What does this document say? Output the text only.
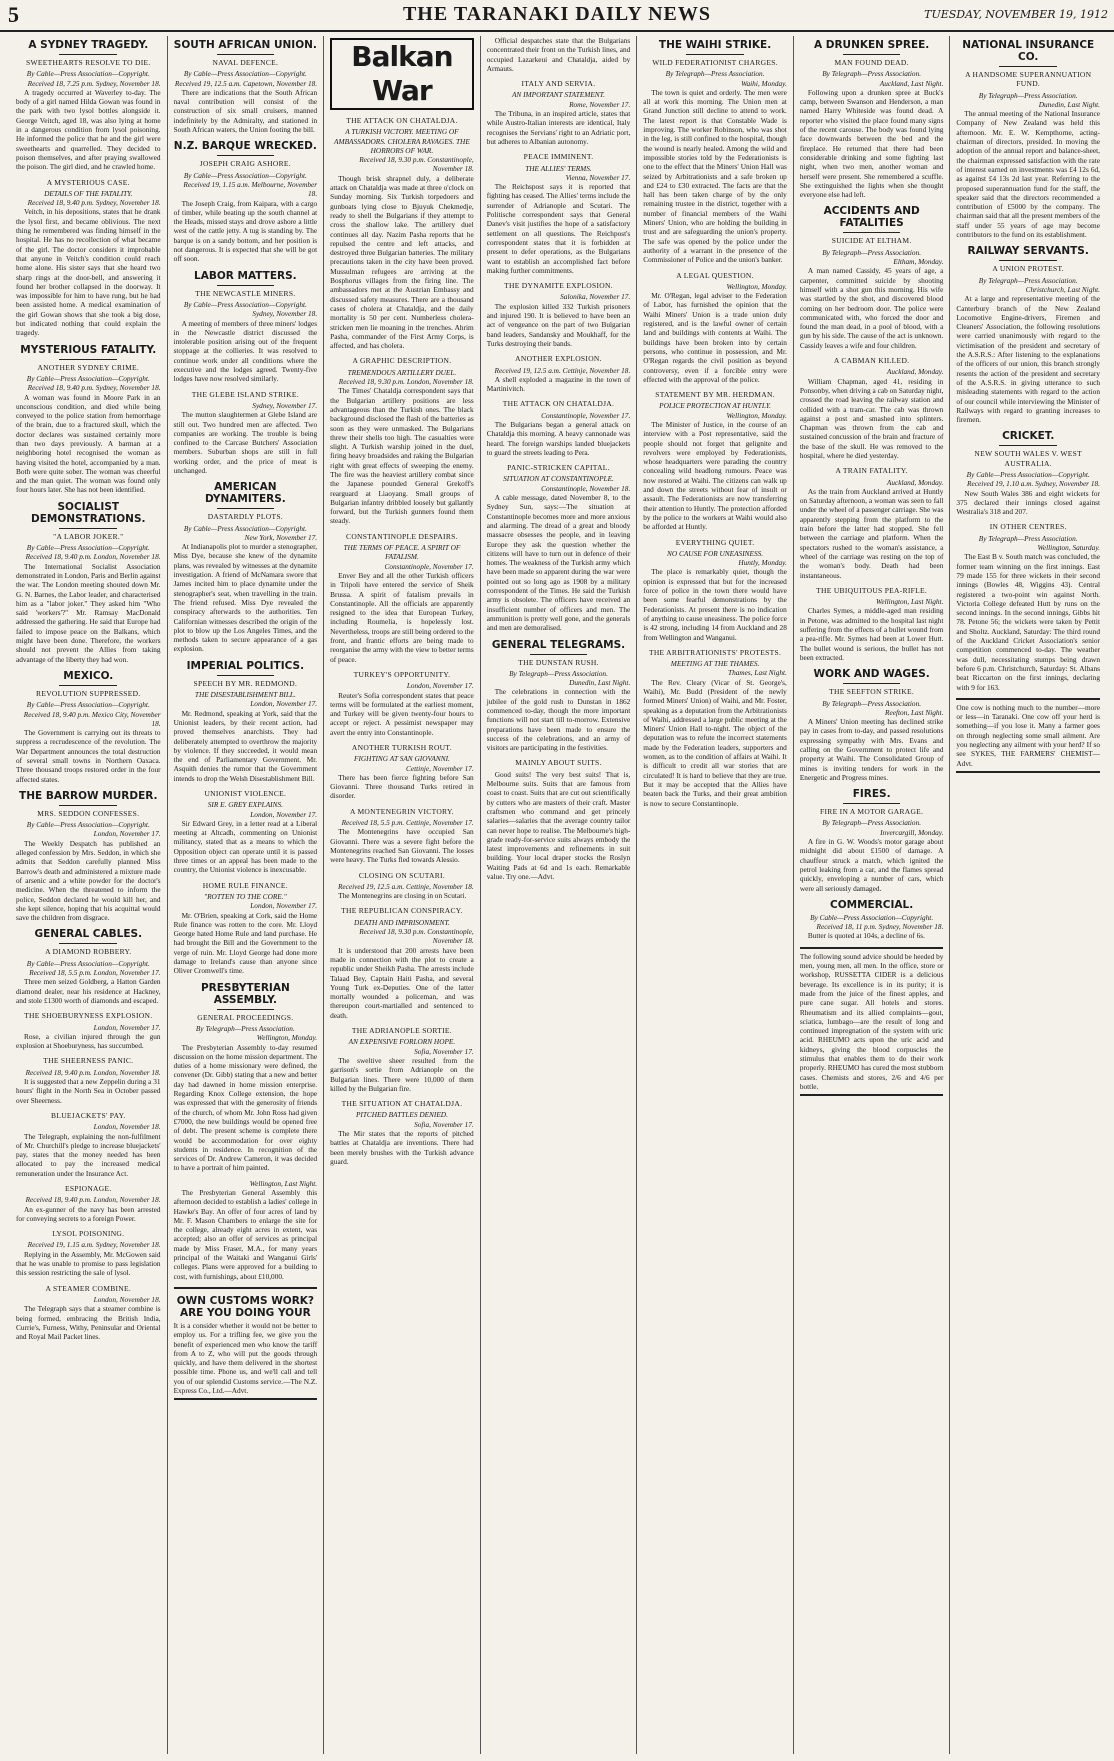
5	THE TARANAKI DAILY NEWS	TUESDAY, NOVEMBER 19, 1912
A SYDNEY TRAGEDY.
SWEETHEARTS RESOLVE TO DIE.
By Cable—Press Association—Copyright.
Received 18, 7.25 p.m. Sydney, November 18.
A tragedy occurred at Waverley to-day. The body of a girl named Hilda Gowan was found in the park with two lysol bottles alongside it. George Veitch, aged 18, was also lying at home in a dangerous condition from lysol poisoning. He informed the police that he and the girl were sweethearts and quarrelled. They decided to poison themselves, and after praying swallowed the poison. The girl died, and he crawled home.
A MYSTERIOUS CASE.
DETAILS OF THE FATALITY.
Received 18, 9.40 p.m. Sydney, November 18.
Veitch, in his depositions, states that he drank the lysol first, and became oblivious. The next thing he remembered was finding himself in the hospital. He has no recollection of what became of the girl. The doctor considers it improbable that anyone in Veitch's condition could reach home alone. His sister says that she heard two sharp rings at the door-bell, and answering it found her brother collapsed in the doorway. It was impossible for him to have rung, but he had been assisted home. A medical examination of the girl Gowan shows that she took a big dose, but indicated nothing that could explain the tragedy.
MYSTERIOUS FATALITY.
ANOTHER SYDNEY CRIME.
By Cable—Press Association—Copyright.
Received 18, 9.40 p.m. Sydney, November 18.
A woman was found in Moore Park in an unconscious condition, and died while being conveyed to the police station from hemorrhage of the brain, due to a fractured skull, which the doctor declares was sustained certainly more than two days previously. A barman at a neighboring hotel recognised the woman as having visited the hotel, accompanied by a man. Both were quite sober. The woman was cheerful and the man quiet. The woman was found only four hours later. She has not been identified.
SOCIALIST DEMONSTRATIONS.
"A LABOR JOKER."
By Cable—Press Association—Copyright.
Received 18, 9.40 p.m. London, November 18.
The International Socialist Association demonstrated in London, Paris and Berlin against the war. The London meeting shouted down Mr. G. N. Barnes, the Labor leader, and characterised him as a "labor joker." They asked him "Who said 'workers'?" Mr. Ramsay MacDonald addressed the gathering. He said that Europe had failed to impose peace on the Balkans, which might have been done. Therefore, the workers should not prevent the Allies from taking advantage of the liberty they had won.
MEXICO.
REVOLUTION SUPPRESSED.
By Cable—Press Association—Copyright.
Received 18, 9.40 p.m. Mexico City, November 18.
The Government is carrying out its threats to suppress a recrudescence of the revolution. The War Department announces the total destruction of several small towns in Northern Oaxaca. Three thousand troops restored order in the four affected states.
THE BARROW MURDER.
MRS. SEDDON CONFESSES.
By Cable—Press Association—Copyright.
London, November 17.
The Weekly Despatch has published an alleged confession by Mrs. Seddon, in which she admits that Seddon carefully planned Miss Barrow's death and administered a mixture made of arsenic and a white powder for the doctor's medicine. When the threatened to inform the police, Seddon declared he would kill her, and she kept silence, hoping that his acquittal would save the children from disgrace.
GENERAL CABLES.
A DIAMOND ROBBERY.
By Cable—Press Association—Copyright.
Received 18, 5.5 p.m. London, November 17.
Three men seized Goldberg, a Hatton Garden diamond dealer, near his residence at Hackney, and stole £1300 worth of diamonds and escaped.
THE SHOEBURYNESS EXPLOSION.
London, November 17.
Rose, a civilian injured through the gun explosion at Shoeburyness, has succumbed.
THE SHEERNESS PANIC.
Received 18, 9.40 p.m. London, November 18.
It is suggested that a new Zeppelin during a 31 hours' flight in the North Sea in October passed over Sheerness.
BLUEJACKETS' PAY.
London, November 18.
The Telegraph, explaining the non-fulfilment of Mr. Churchill's pledge to increase bluejackets' pay, states that the money needed has been allocated to pay the increased medical remuneration under the Insurance Act.
ESPIONAGE.
Received 18, 9.40 p.m. London, November 18.
An ex-gunner of the navy has been arrested for conveying secrets to a foreign Power.
LYSOL POISONING.
Received 19, 1.15 a.m. Sydney, November 18.
Replying in the Assembly, Mr. McGowen said that he was unable to promise to pass legislation this session restricting the sale of lysol.
A STEAMER COMBINE.
London, November 18.
The Telegraph says that a steamer combine is being formed, embracing the British India, Currie's, Furness, Withy, Peninsular and Oriental and Royal Mail Packet lines.
SOUTH AFRICAN UNION.
NAVAL DEFENCE.
By Cable—Press Association—Copyright.
Received 19, 12.5 a.m. Capetown, November 18.
There are indications that the South African naval contribution will consist of the construction of six small cruisers, manned indefinitely by the Admiralty, and stationed in South African waters, the Union footing the bill.
N.Z. BARQUE WRECKED.
JOSEPH CRAIG ASHORE.
By Cable—Press Association—Copyright.
Received 19, 1.15 a.m. Melbourne, November 18.
The Joseph Craig, from Kaipara, with a cargo of timber, while beating up the south channel at the Heads, missed stays and drove ashore a little west of the cattle jetty. A tug is standing by. The barque is on a sandy bottom, and her position is not dangerous. It is expected that she will be got off soon.
LABOR MATTERS.
THE NEWCASTLE MINERS.
By Cable—Press Association—Copyright.
Sydney, November 18.
A meeting of members of three miners' lodges in the Newcastle district discussed the intolerable position arising out of the frequent stoppage at the collieries. It was resolved to continue work under all conditions where the executive and the lodges agreed. Twenty-five lodges have now resolved similarly.
THE GLEBE ISLAND STRIKE.
Sydney, November 17.
The mutton slaughtermen at Glebe Island are still out. Two hundred men are affected. Two companies are working. The trouble is being confined to the Carcase Butchers' Association members. Suburban shops are still in full working order, and the price of meat is unchanged.
AMERICAN DYNAMITERS.
DASTARDLY PLOTS.
By Cable—Press Association—Copyright.
New York, November 17.
At Indianapolis plot to murder a stenographer, Miss Dye, because she knew of the dynamite plans, was revealed by witnesses at the dynamite investigation. A friend of McNamara swore that James incited him to place dynamite under the stenographer's seat, when travelling in the train. The friend refused. Miss Dye revealed the conspiracy afterwards to the authorities. Ten Californian witnesses described the origin of the plot to blow up the Los Angeles Times, and the methods taken to secure appearance of a gas explosion.
IMPERIAL POLITICS.
SPEECH BY MR. REDMOND.
THE DISESTABLISHMENT BILL.
London, November 17.
Mr. Redmond, speaking at York, said that the Unionist leaders, by their recent action, had proved themselves anarchists. They had deliberately attempted to overthrow the majority by violence. If they succeeded, it would mean the end of Parliamentary Government. Mr. Asquith denies the rumor that the Government intends to drop the Welsh Disestablishment Bill.
UNIONIST VIOLENCE.
SIR E. GREY EXPLAINS.
London, November 17.
Sir Edward Grey, in a letter read at a Liberal meeting at Altcadh, commenting on Unionist militancy, stated that as a means to which the Opposition object can operate until it is passed three times or an appeal has been made to the country, the Unionist violence is inexcusable.
HOME RULE FINANCE.
"ROTTEN TO THE CORE."
London, November 17.
Mr. O'Brien, speaking at Cork, said the Home Rule finance was rotten to the core. Mr. Lloyd George hated Home Rule and land purchase. He had brought the Bill and the Government to the verge of ruin. Mr. Lloyd George had done more damage to Ireland's cause than anyone since Oliver Cromwell's time.
PRESBYTERIAN ASSEMBLY.
GENERAL PROCEEDINGS.
By Telegraph—Press Association.
Wellington, Monday.
The Presbyterian Assembly to-day resumed discussion on the home mission department. The duties of a home missionary were defined, the convener (Dr. Gibb) stating that a new and better day had dawned in home mission enterprise. Regarding Knox College extension, the hope was expressed that with the generosity of friends of the church, of whom Mr. John Ross had given £7000, the new buildings would be opened free of debt. The present scheme is complete there would be accommodation for over eighty students in residence. In recognition of the services of Dr. Andrew Cameron, it was decided to have a portrait of him painted.
Wellington, Last Night.
The Presbyterian General Assembly this afternoon decided to establish a ladies' college in Hawke's Bay. An offer of four acres of land by Mr. F. Mason Chambers to enlarge the site for the college, already eight acres in extent, was accepted; also an offer of services as principal made by Miss Fraser, M.A., for many years principal of the Waitaki and Wanganui Girls' colleges. Plans were approved for a building to cost, with furnishings, about £10,000.
OWN CUSTOMS WORK? ARE YOU DOING YOUR
It is a consider whether it would not be better to employ us. For a trifling fee, we give you the benefit of experienced men who know the tariff from A to Z, who will put the goods through quickly, and have them delivered in the shortest possible time. Phone us, and we'll call and tell you of our splendid Customs service.—The N.Z. Express Co., Ltd.—Advt.
Balkan War
THE ATTACK ON CHATALDJA.
A TURKISH VICTORY. MEETING OF AMBASSADORS. CHOLERA RAVAGES. THE HORRORS OF WAR.
Received 18, 9.30 p.m. Constantinople, November 18.
Though brisk shrapnel duly, a deliberate attack on Chataldja was made at three o'clock on Sunday morning. Six Turkish torpedoers and gunboats lying close to Bjuyuk Chekmedje, ready to shell the Bulgarians if they attempt to cross the shallow lake. The artillery duel continues all day. Nazim Pasha reports that he repulsed the centre and left attacks, and destroyed three Bulgarian batteries. The military precautions taken in the city have been proved. Mussulman refugees are arriving at the Bosphorus villages from the firing line. The ambassadors met at the Austrian Embassy and discussed safety measures. There are a thousand cases of cholera at Chataldja, and the daily mortality is 50 per cent. Numberless cholera-stricken men lie moaning in the trenches. Ahrim Pasha, commander of the First Army Corps, is affected, and has cholera.
A GRAPHIC DESCRIPTION.
TREMENDOUS ARTILLERY DUEL.
Received 18, 9.30 p.m. London, November 18.
The Times' Chataldja correspondent says that the Bulgarian artillery positions are less advantageous than the Turkish ones. The black background disclosed the flash of the batteries as soon as they were unmasked. The Bulgarians threw their shells too high. The casualties were slight. A Turkish warship joined in the duel, firing heavy broadsides and raking the Bulgarian right with great effects of sweeping the enemy. The fire was the heaviest artillery combat since the Japanese pounded General Grekoff's rearguard at Liaoyang. Small groups of Bulgarian infantry dribbled loosely but gallantly forward, but the Turkish gunners found them steady.
CONSTANTINOPLE DESPAIRS.
THE TERMS OF PEACE. A SPIRIT OF FATALISM.
Constantinople, November 17.
Enver Bey and all the other Turkish officers in Tripoli have entered the service of Sheik Brussa. A spirit of fatalism prevails in Constantinople. All the officials are apparently resigned to the idea that European Turkey, including Roumelia, is hopelessly lost. Nevertheless, troops are still being ordered to the front, and frantic efforts are being made to reorganise the army with the view to better terms of peace.
TURKEY'S OPPORTUNITY.
London, November 17.
Reuter's Sofia correspondent states that peace terms will be formulated at the earliest moment, and Turkey will be given twenty-four hours to accept or reject. A pessimist newspaper may avert the entry into Constantinople.
ANOTHER TURKISH ROUT.
FIGHTING AT SAN GIOVANNI.
Cettinje, November 17.
There has been fierce fighting before San Giovanni. Three thousand Turks retired in disorder.
A MONTENEGRIN VICTORY.
Received 18, 5.5 p.m. Cettinje, November 17.
The Montenegrins have occupied San Giovanni. There was a severe fight before the Montenegrins reached San Giovanni. The losses were heavy. The Turks fled towards Alessio.
CLOSING ON SCUTARI.
Received 19, 12.5 a.m. Cettinje, November 18.
The Montenegrins are closing in on Scutari.
THE REPUBLICAN CONSPIRACY.
DEATH AND IMPRISONMENT.
Received 18, 9.30 p.m. Constantinople, November 18.
It is understood that 200 arrests have been made in connection with the plot to create a republic under Sheikh Pasha. The arrests include Talaad Bey, Captain Haiti Pasha, and several Young Turk ex-Deputies. One of the latter mortally wounded a policeman, and was thereupon court-martialled and sentenced to death.
THE ADRIANOPLE SORTIE.
AN EXPENSIVE FORLORN HOPE.
Sofia, November 17.
The sweltive sheer resulted from the garrison's sortie from Adrianople on the Bulgarian lines. There were 10,000 of them killed by the Bulgarian fire.
THE SITUATION AT CHATALDJA.
PITCHED BATTLES DENIED.
Sofia, November 17.
The Mir states that the reports of pitched battles at Chataldja are inventions. There had been merely brushes with the Turkish advance guard.
Official despatches state that the Bulgarians concentrated their front on the Turkish lines, and occupied Lazarkeui and Chataldja, aided by Armauts.
ITALY AND SERVIA.
AN IMPORTANT STATEMENT.
Rome, November 17.
The Tribuna, in an inspired article, states that while Austro-Italian interests are identical, Italy recognises the Servians' right to an Adriatic port, but adheres to Albanian autonomy.
PEACE IMMINENT.
THE ALLIES' TERMS.
Vienna, November 17.
The Reichspost says it is reported that fighting has ceased. The Allies' terms include the surrender of Adrianople and Scutari. The Politische correspondent says that General Danev's visit justifies the hope of a satisfactory settlement on all questions. The Reichpost's correspondent states that it is forbidden at present to defer operations, as the Bulgarians want to establish an accomplished fact before making further commitments.
THE DYNAMITE EXPLOSION.
Salonika, November 17.
The explosion killed 332 Turkish prisoners and injured 190. It is believed to have been an act of vengeance on the part of two Bulgarian band leaders, Sandansky and Moukhaff, for the Turks destroying their bands.
ANOTHER EXPLOSION.
Received 19, 12.5 a.m. Cettinje, November 18.
A shell exploded a magazine in the town of Martinivitch.
THE ATTACK ON CHATALDJA.
Constantinople, November 17.
The Bulgarians began a general attack on Chataldja this morning. A heavy cannonade was heard. The foreign warships landed bluejackets to guard the streets leading to Pera.
PANIC-STRICKEN CAPITAL.
SITUATION AT CONSTANTINOPLE.
Constantinople, November 18.
A cable message, dated November 8, to the Sydney Sun, says:—The situation at Constantinople becomes more and more anxious and alarming. The dread of a great and bloody massacre obsesses the people, and in leaving Europe they ask the question whether the citizens will have to turn out in defence of their homes. The weakness of the Turkish army which have been made so apparent during the war were pointed out so long ago as 1908 by a military correspondent of the Times. He said the Turkish army is obsolete. The officers have received an insufficient number of officers and men. The ammunition is pretty well gone, and the generals and men are demoralised.
GENERAL TELEGRAMS.
THE DUNSTAN RUSH.
By Telegraph—Press Association.
Dunedin, Last Night.
The celebrations in connection with the jubilee of the gold rush to Dunstan in 1862 commenced to-day, though the more important functions will not start till to-morrow. Extensive preparations have been made to ensure the success of the celebrations, and an army of visitors are participating in the festivities.
MAINLY ABOUT SUITS.
Good suits! The very best suits! That is, Melbourne suits. Suits that are famous from coast to coast. Suits that are cut out scientifically by cutters who are masters of their craft. Master craftsmen who command and get princely salaries—salaries that the average country tailor can never hope to realise. The Melbourne's high-grade ready-for-service suits always embody the latest improvements and refinements in suit building. Your local draper stocks the Roslyn Waiting Pads at 6d and 1s each. Remarkable value. Try one.—Advt.
THE WAIHI STRIKE.
WILD FEDERATIONIST CHARGES.
By Telegraph—Press Association.
Waihi, Monday.
The town is quiet and orderly. The men were all at work this morning. The Union men at Grand Junction still decline to attend to work. The latest report is that Constable Wade is improving. The worker Robinson, who was shot in the leg, is still confined to the hospital, though the wound is nearly healed. Among the wild and impossible stories told by the Federationists is one to the effect that the Miners' Union Hall was seized by Arbitrationists and a safe broken up and £24 to £30 extracted. The facts are that the hall has been taken charge of by the only remaining trustee in the district, together with a number of financial members of the Waihi Miners' Union, who are holding the building in trust and are safeguarding the union's property. The safe was opened by the police under the authority of a warrant in the presence of the Commissioner of Police and the union's banker.
A LEGAL QUESTION.
Wellington, Monday.
Mr. O'Regan, legal adviser to the Federation of Labor, has furnished the opinion that the Waihi Miners' Union is a trade union duly registered, and is the lawful owner of certain land and buildings with contents at Waihi. The buildings have been broken into by certain persons, who continue in possession, and Mr. O'Regan regards the civil position as beyond controversy, even if a forcible entry were effected with the approval of the police.
STATEMENT BY MR. HERDMAN.
POLICE PROTECTION AT HUNTLY.
Wellington, Monday.
The Minister of Justice, in the course of an interview with a Post representative, said the people should not forget that gelignite and revolvers were employed by Federationists, whose headquarters were parading the country concealing wild headlong rumours. Peace was now restored at Waihi. The citizens can walk up and down the streets without fear of insult or assault. The Federationists are now transferring their attention to Huntly. The protection afforded by the police to the workers at Waihi would also be afforded at Huntly.
EVERYTHING QUIET.
NO CAUSE FOR UNEASINESS.
Huntly, Monday.
The place is remarkably quiet, though the opinion is expressed that but for the increased force of police in the town there would have been some fearful demonstrations by the Federationists. At present there is no indication of anything to cause uneasiness. The police force is 42 strong, including 14 from Auckland and 28 from Wellington and Wanganui.
THE ARBITRATIONISTS' PROTESTS.
MEETING AT THE THAMES.
Thames, Last Night.
The Rev. Cleary (Vicar of St. George's, Waihi), Mr. Budd (President of the newly formed Miners' Union) of Waihi, and Mr. Foster, speaking as a deputation from the Arbitrationists of Waihi, addressed a large public meeting at the Miners' Union Hall to-night. The object of the deputation was to refute the incorrect statements made by the Federation leaders, supporters and women, as to the condition of affairs at Waihi. It is difficult to credit all war stories that are circulated! It is hard to believe that they are true. But it may be accepted that the Allies have beaten back the Turks, and their great ambition is now to secure Constantinople.
A DRUNKEN SPREE.
MAN FOUND DEAD.
By Telegraph—Press Association.
Auckland, Last Night.
Following upon a drunken spree at Buck's camp, between Swanson and Henderson, a man named Harry Whiteside was found dead. A reporter who visited the place found many signs of the recent carouse. The body was found lying face downwards between the bed and the fireplace. He returned that there had been considerable drinking and some fighting last night, when two men, another woman and herself were present. She remembered a scuffle. She extinguished the lights when she thought everyone else had left.
ACCIDENTS AND FATALITIES
SUICIDE AT ELTHAM.
By Telegraph—Press Association.
Eltham, Monday.
A man named Cassidy, 45 years of age, a carpenter, committed suicide by shooting himself with a shot gun this morning. His wife was startled by the shot, and discovered blood coming on her bedroom door. The police were communicated with, who forced the door and found the man dead, in a pool of blood, with a gun by his side. The cause of the act is unknown. Cassidy leaves a wife and four children.
A CABMAN KILLED.
Auckland, Monday.
William Chapman, aged 41, residing in Ponsonby, when driving a cab on Saturday night, crossed the road leaving the railway station and collided with a tram-car. The cab was thrown against a post and smashed into splinters. Chapman was thrown from the cab and sustained concussion of the brain and fracture of the base of the skull. He was removed to the hospital, where he died yesterday.
A TRAIN FATALITY.
Auckland, Monday.
As the train from Auckland arrived at Huntly on Saturday afternoon, a woman was seen to fall under the wheel of a passenger carriage. She was apparently stepping from the platform to the train before the latter had stopped. She fell between the carriage and platform. When the spectators rushed to the woman's assistance, a wheel of the carriage was resting on the top of the woman's body. Death had been instantaneous.
THE UBIQUITOUS PEA-RIFLE.
Wellington, Last Night.
Charles Symes, a middle-aged man residing in Petone, was admitted to the hospital last night suffering from the effects of a bullet wound from a pea-rifle. Mr. Symes had been at Lower Hutt. The bullet wound is serious, the bullet has not been extracted.
WORK AND WAGES.
THE SEEFTON STRIKE.
By Telegraph—Press Association.
Reefton, Last Night.
A Miners' Union meeting has declined strike pay in cases from to-day, and passed resolutions expressing sympathy with Mrs. Evans and calling on the Government to protect life and property at Waihi. The Consolidated Group of mines is inviting tenders for work in the Energetic and Progress mines.
FIRES.
FIRE IN A MOTOR GARAGE.
By Telegraph—Press Association.
Invercargill, Monday.
A fire in G. W. Woods's motor garage about midnight did about £1500 of damage. A chauffeur struck a match, which ignited the petrol leaking from a car, and the flames spread quickly, enveloping a number of cars, which were all seriously damaged.
COMMERCIAL.
By Cable—Press Association—Copyright.
Received 18, 11 p.m. Sydney, November 18.
Butter is quoted at 104s, a decline of 6s.
The following sound advice should be heeded by men, young men, all men. In the office, store or workshop, RUSSETTA CIDER is a delicious beverage. Its excellence is in its purity; it is made from the juice of the finest apples, and pure cane sugar. All hotels and stores. Rheumatism and its allied complaints—gout, sciatica, lumbago—are the result of long and continued impregnation of the system with uric acid. RHEUMO acts upon the uric acid and kidneys, giving the blood corpuscles the stimulus that enables them to do their work properly. RHEUMO has cured the most stubborn cases. Chemists and stores, 2/6 and 4/6 per bottle.
NATIONAL INSURANCE CO.
A HANDSOME SUPERANNUATION FUND.
By Telegraph—Press Association.
Dunedin, Last Night.
The annual meeting of the National Insurance Company of New Zealand was held this afternoon. Mr. E. W. Kempthorne, acting-chairman of directors, presided. In moving the adoption of the annual report and balance-sheet, the chairman expressed satisfaction with the rate of interest earned on investments was £4 12s 6d, as against £4 13s 2d last year. Referring to the proposed superannuation fund for the staff, the speaker said that the directors recommended a contribution of £5000 by the company. The chairman said that all the present members of the staff under 55 years of age may become contributors to the fund on its establishment.
RAILWAY SERVANTS.
A UNION PROTEST.
By Telegraph—Press Association.
Christchurch, Last Night.
At a large and representative meeting of the Canterbury branch of the New Zealand Locomotive Engine-drivers, Firemen and Cleaners' Association, the following resolutions were carried unanimously with regard to the victimisation of the president and secretary of the A.S.R.S.: After listening to the explanations of the officers of our union, this branch strongly resents the action of the president and secretary of the A.S.R.S. in giving utterance to such misleading statements with regard to the action of our council while interviewing the Minister of Railways with regard to granting increases to firemen.
CRICKET.
NEW SOUTH WALES V. WEST AUSTRALIA.
By Cable—Press Association—Copyright.
Received 19, 1.10 a.m. Sydney, November 18.
New South Wales 386 and eight wickets for 375 declared their innings closed against Westralia's 318 and 207.
IN OTHER CENTRES.
By Telegraph—Press Association.
Wellington, Saturday.
The East B v. South match was concluded, the former team winning on the first innings. East 79 made 155 for three wickets in their second innings (Bowles 48, Wiggins 43). Central registered a two-point win against North. Victoria College defeated Hutt by runs on the second innings. In the second innings, Gibbs hit 78. Petone 56; the wickets were taken by Pettit and Sholtz. Auckland, Saturday: The third round of the Auckland Cricket Association's senior competition commenced to-day. The weather was dull, necessitating stumps being drawn before 6 p.m. Christchurch, Saturday: St. Albans beat Riccarton on the first innings, declaring with 9 for 163.
One cow is nothing much to the number—more or less—in Taranaki. One cow off your herd is something—if you lose it. Many a farmer goes on through neglecting some small ailment. Are you neglecting any ailment with your herd? If so see SYKES, THE FARMERS' CHEMIST—Advt.
